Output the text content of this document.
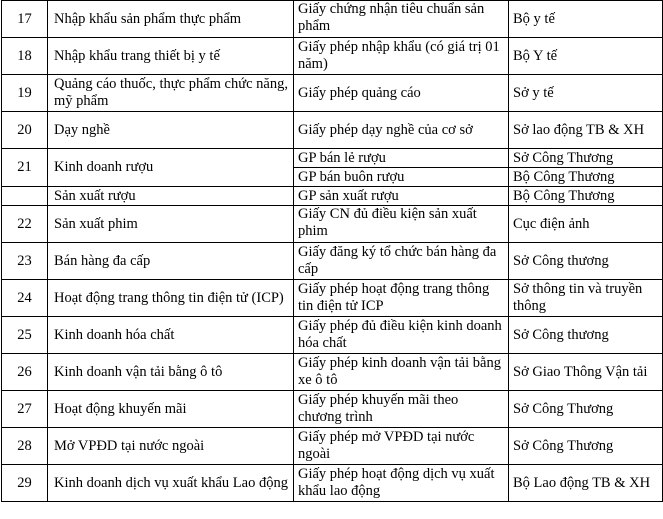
17	Nhập khẩu sản phẩm thực phẩm	Giấy chứng nhận tiêu chuẩn sản phẩm	Bộ y tế
18	Nhập khẩu trang thiết bị y tế	Giấy phép nhập khẩu (có giá trị 01 năm)	Bộ Y tế
19	Quảng cáo thuốc, thực phẩm chức năng, mỹ phẩm	Giấy phép quảng cáo	Sở y tế
20	Dạy nghề	Giấy phép dạy nghề của cơ sở	Sở lao động TB & XH
21	Kinh doanh rượu	GP bán lẻ rượu	Sở Công Thương
		GP bán buôn rượu	Bộ Công Thương
	Sản xuất rượu	GP sản xuất rượu	Bộ Công Thương
22	Sản xuất phim	Giấy CN đủ điều kiện sản xuất phim	Cục điện ảnh
23	Bán hàng đa cấp	Giấy đăng ký tổ chức bán hàng đa cấp	Sở Công thương
24	Hoạt động trang thông tin điện tử (ICP)	Giấy phép hoạt động trang thông tin điện tử ICP	Sở thông tin và truyền thông
25	Kinh doanh hóa chất	Giấy phép đủ điều kiện kinh doanh hóa chất	Sở Công thương
26	Kinh doanh vận tải bằng ô tô	Giấy phép kinh doanh vận tải bằng xe ô tô	Sở Giao Thông Vận tải
27	Hoạt động khuyến mãi	Giấy phép khuyến mãi theo chương trình	Sở Công Thương
28	Mở VPĐD tại nước ngoài	Giấy phép mở VPĐD tại nước ngoài	Sở Công Thương
29	Kinh doanh dịch vụ xuất khẩu Lao động	Giấy phép hoạt động dịch vụ xuất khẩu lao động	Bộ Lao động TB & XH
